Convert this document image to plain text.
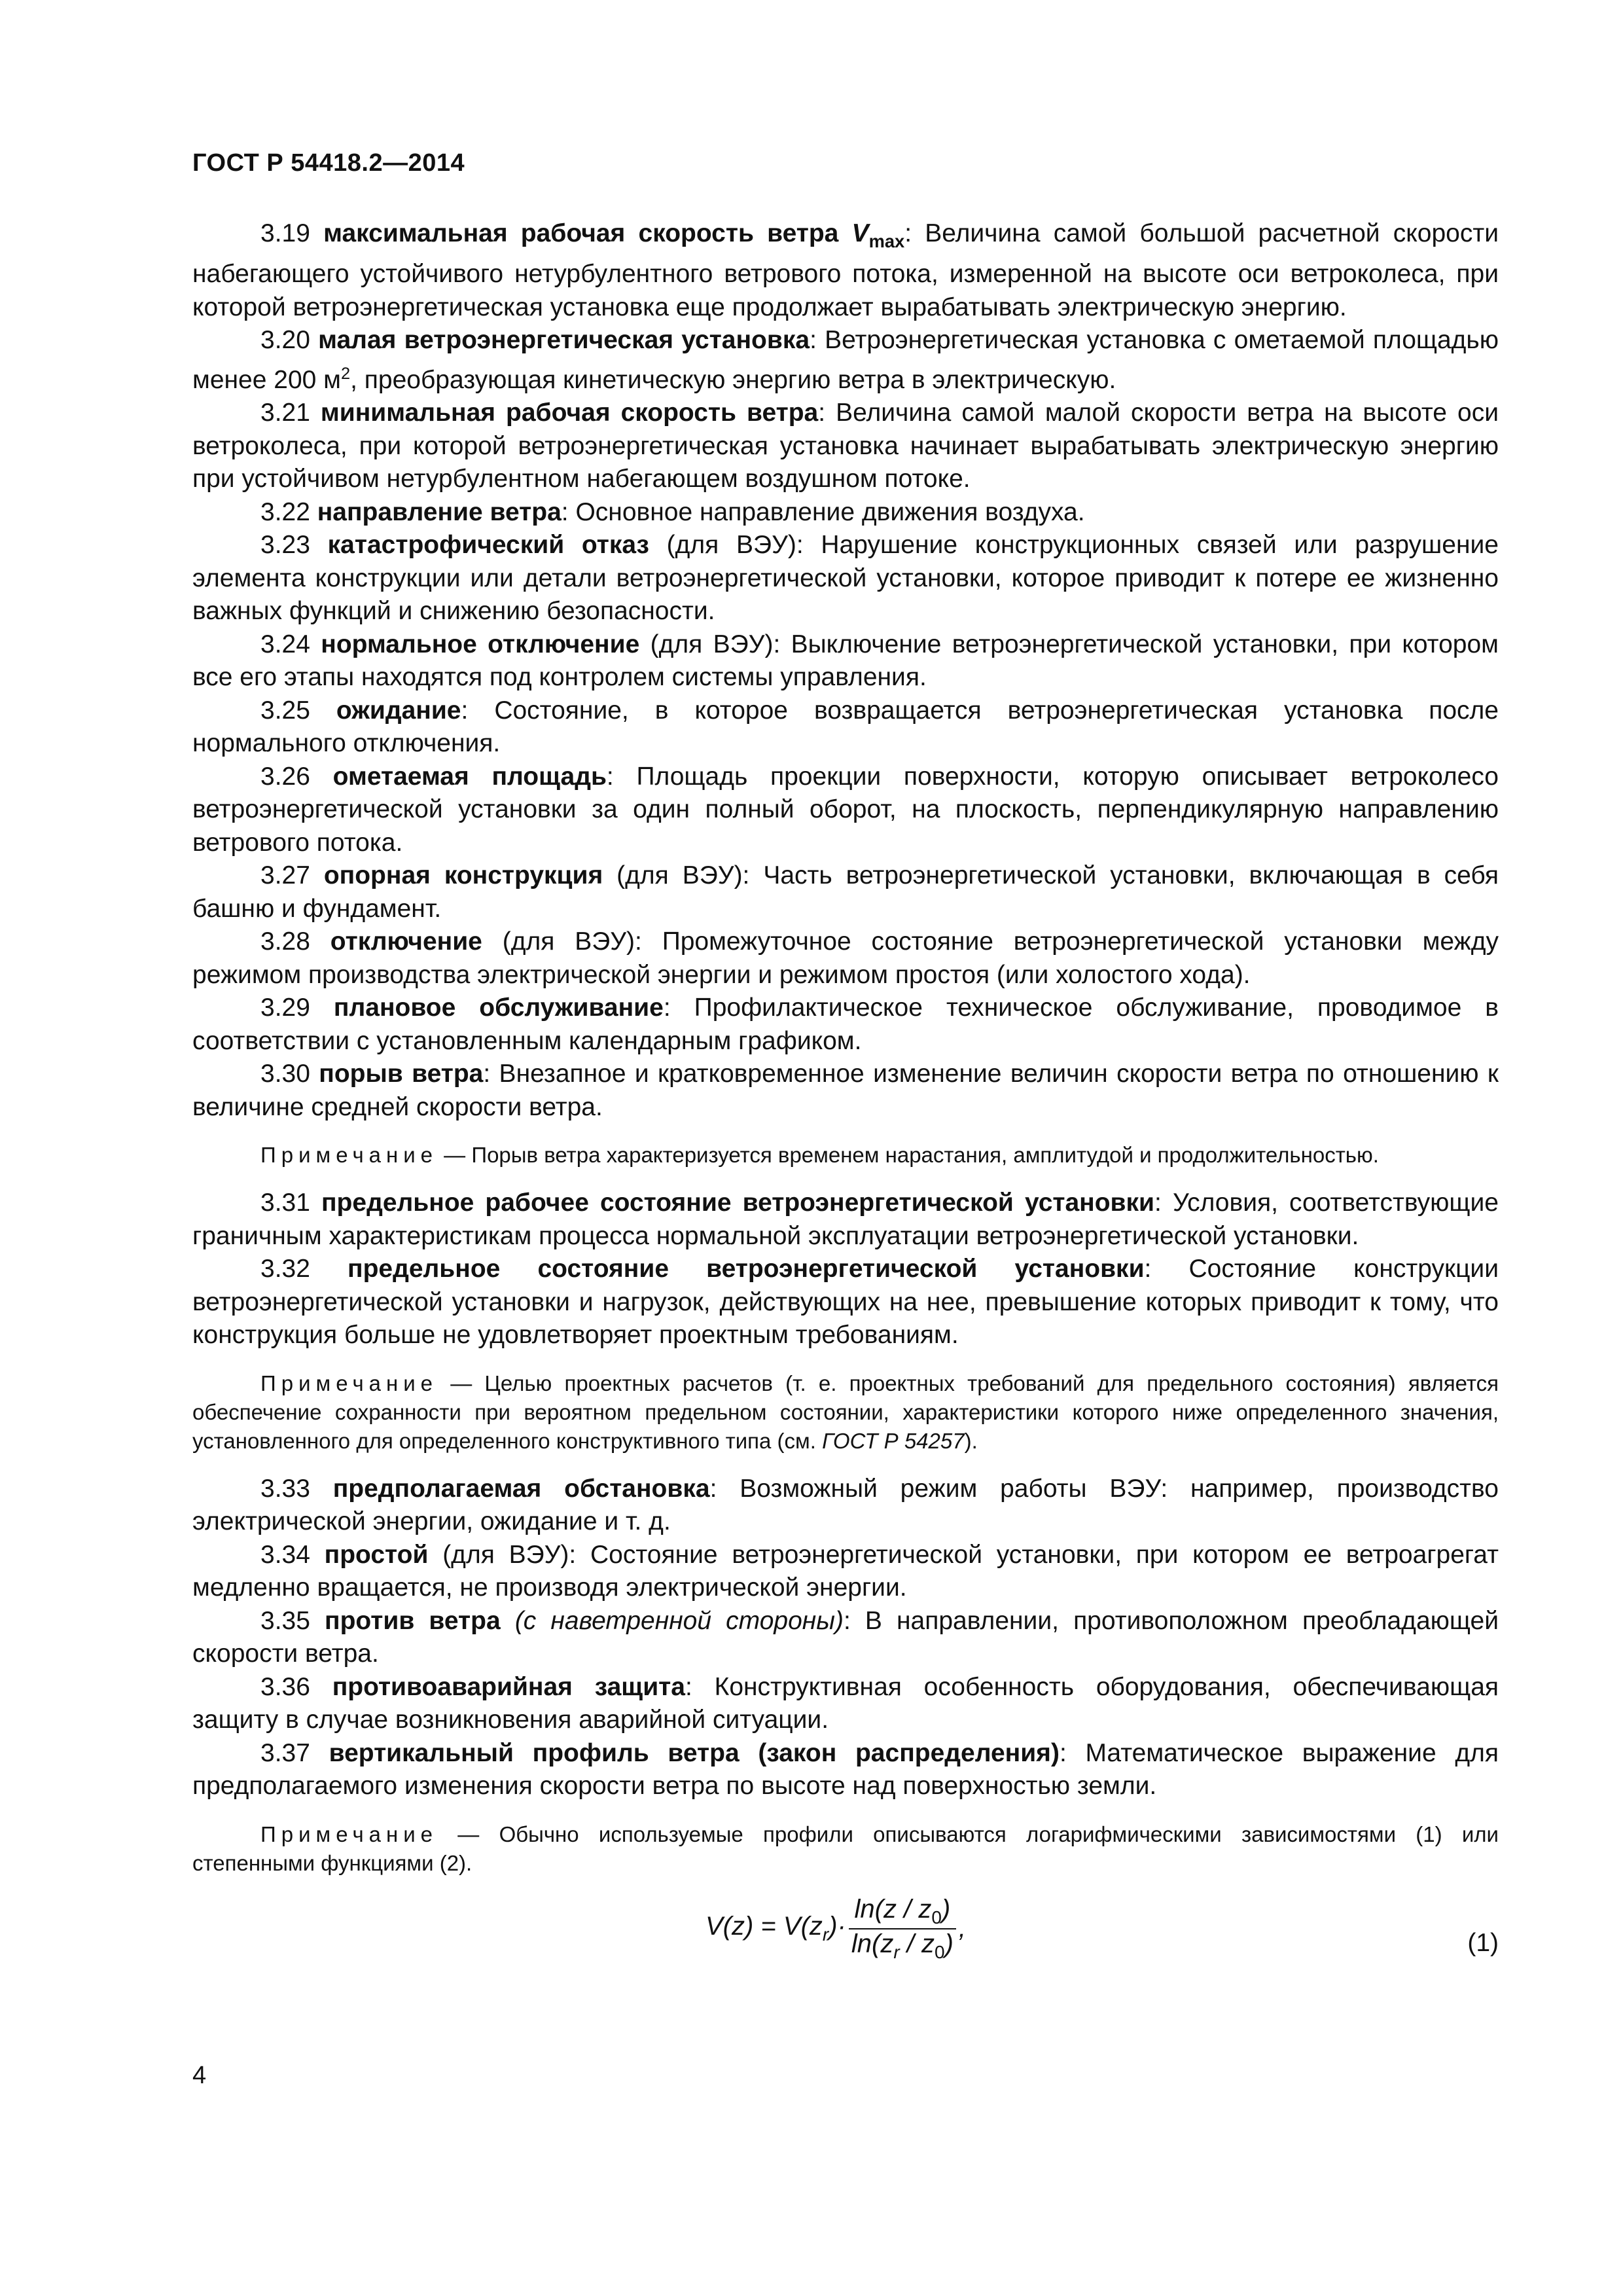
ГОСТ Р 54418.2—2014

3.19 максимальная рабочая скорость ветра $V_{max}$: Величина самой большой расчетной скорости набегающего устойчивого нетурбулентного ветрового потока, измеренной на высоте оси ветроколеса, при которой ветроэнергетическая установка еще продолжает вырабатывать электрическую энергию.

3.20 малая ветроэнергетическая установка: Ветроэнергетическая установка с ометаемой площадью менее 200 $м^2$, преобразующая кинетическую энергию ветра в электрическую.

3.21 минимальная рабочая скорость ветра: Величина самой малой скорости ветра на высоте оси ветроколеса, при которой ветроэнергетическая установка начинает вырабатывать электрическую энергию при устойчивом нетурбулентном набегающем воздушном потоке.

3.22 направление ветра: Основное направление движения воздуха.

3.23 катастрофический отказ (для ВЭУ): Нарушение конструкционных связей или разрушение элемента конструкции или детали ветроэнергетической установки, которое приводит к потере ее жизненно важных функций и снижению безопасности.

3.24 нормальное отключение (для ВЭУ): Выключение ветроэнергетической установки, при котором все его этапы находятся под контролем системы управления.

3.25 ожидание: Состояние, в которое возвращается ветроэнергетическая установка после нормального отключения.

3.26 ометаемая площадь: Площадь проекции поверхности, которую описывает ветроколесо ветроэнергетической установки за один полный оборот, на плоскость, перпендикулярную направлению ветрового потока.

3.27 опорная конструкция (для ВЭУ): Часть ветроэнергетической установки, включающая в себя башню и фундамент.

3.28 отключение (для ВЭУ): Промежуточное состояние ветроэнергетической установки между режимом производства электрической энергии и режимом простоя (или холостого хода).

3.29 плановое обслуживание: Профилактическое техническое обслуживание, проводимое в соответствии с установленным календарным графиком.

3.30 порыв ветра: Внезапное и кратковременное изменение величин скорости ветра по отношению к величине средней скорости ветра.

Примечание — Порыв ветра характеризуется временем нарастания, амплитудой и продолжительностью.

3.31 предельное рабочее состояние ветроэнергетической установки: Условия, соответствующие граничным характеристикам процесса нормальной эксплуатации ветроэнергетической установки.

3.32 предельное состояние ветроэнергетической установки: Состояние конструкции ветроэнергетической установки и нагрузок, действующих на нее, превышение которых приводит к тому, что конструкция больше не удовлетворяет проектным требованиям.

Примечание — Целью проектных расчетов (т. е. проектных требований для предельного состояния) является обеспечение сохранности при вероятном предельном состоянии, характеристики которого ниже определенного значения, установленного для определенного конструктивного типа (см. ГОСТ Р 54257).

3.33 предполагаемая обстановка: Возможный режим работы ВЭУ: например, производство электрической энергии, ожидание и т. д.

3.34 простой (для ВЭУ): Состояние ветроэнергетической установки, при котором ее ветроагрегат медленно вращается, не производя электрической энергии.

3.35 против ветра (с наветренной стороны): В направлении, противоположном преобладающей скорости ветра.

3.36 противоаварийная защита: Конструктивная особенность оборудования, обеспечивающая защиту в случае возникновения аварийной ситуации.

3.37 вертикальный профиль ветра (закон распределения): Математическое выражение для предполагаемого изменения скорости ветра по высоте над поверхностью земли.

Примечание — Обычно используемые профили описываются логарифмическими зависимостями (1) или степенными функциями (2).

$V(z) = V(z_r)\cdot$	$\ln(z / z_0)$	,
$\ln(z_r / z_0)$	(1)
4
